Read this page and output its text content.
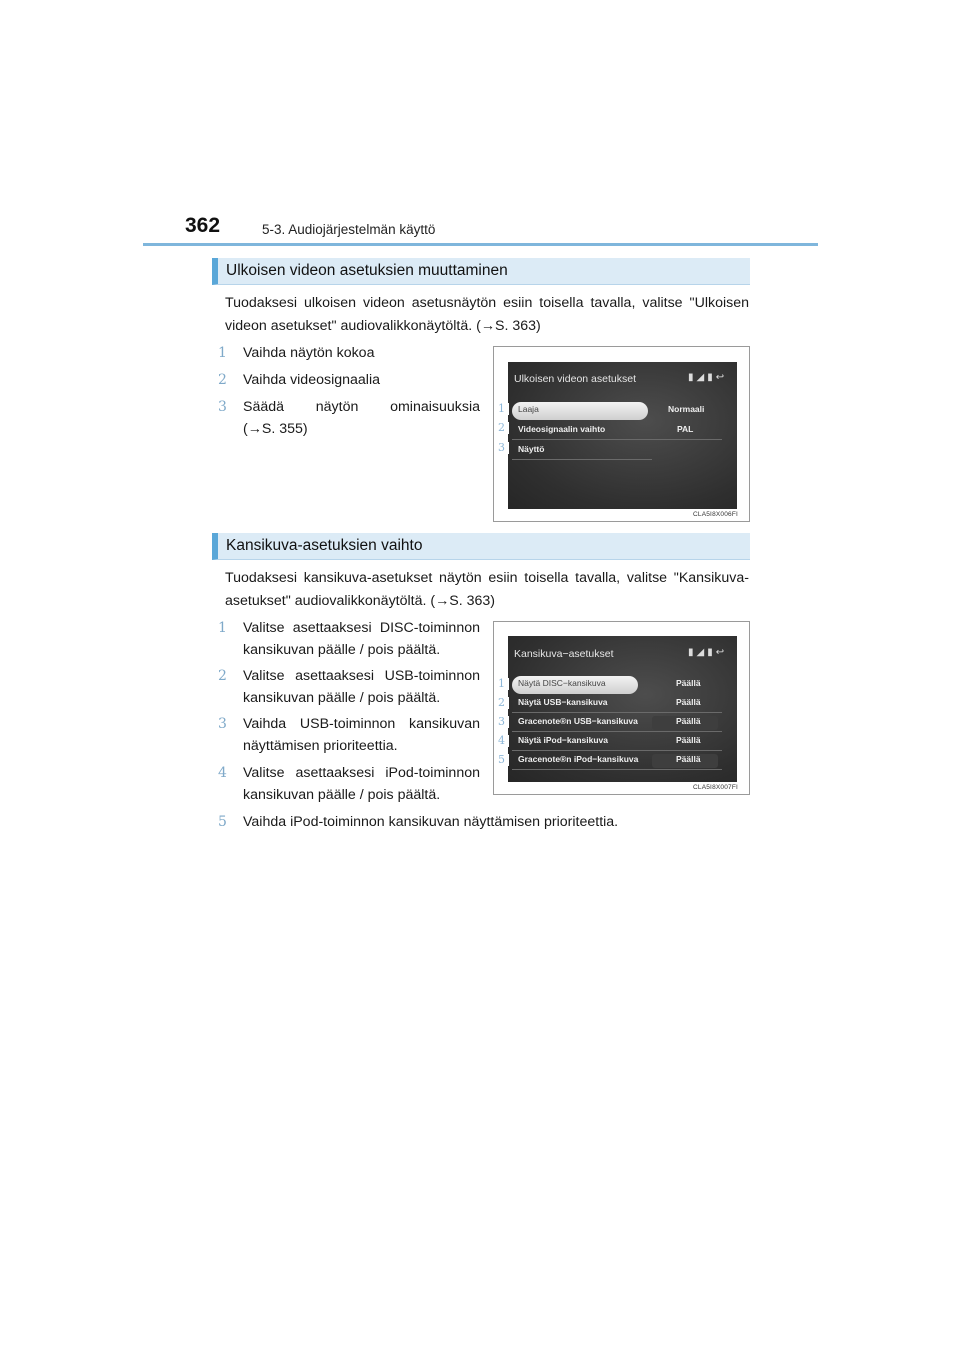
362	5-3. Audiojärjestelmän käyttö
Ulkoisen videon asetuksien muuttaminen
Tuodaksesi ulkoisen videon asetusnäytön esiin toisella tavalla, valitse "Ulkoisen
videon asetukset" audiovalikkonäytöltä. (→S. 363)
1	Vaihda näytön kokoa
2	Vaihda videosignaalia
3	Säädä näytön ominaisuuksia
(→S. 355)
Ulkoisen videon asetukset	▮◢▮↩
Laaja	Normaali
Videosignaalin vaihto	PAL
Näyttö
1
2
3
CLA5I8X006FI
Kansikuva-asetuksien vaihto
Tuodaksesi kansikuva-asetukset näytön esiin toisella tavalla, valitse "Kansikuva-
asetukset" audiovalikkonäytöltä. (→S. 363)
1	Valitse asettaaksesi DISC-toiminnon
kansikuvan päälle / pois päältä.
2	Valitse asettaaksesi USB-toiminnon
kansikuvan päälle / pois päältä.
3	Vaihda USB-toiminnon kansikuvan
näyttämisen prioriteettia.
4	Valitse asettaaksesi iPod-toiminnon
kansikuvan päälle / pois päältä.
5	Vaihda iPod-toiminnon kansikuvan näyttämisen prioriteettia.
Kansikuva−asetukset	▮◢▮↩
Näytä DISC−kansikuva	Päällä
Näytä USB−kansikuva	Päällä
Gracenote®n USB−kansikuva	Päällä
Näytä iPod−kansikuva	Päällä
Gracenote®n iPod−kansikuva	Päällä
1
2
3
4
5
CLA5I8X007FI
